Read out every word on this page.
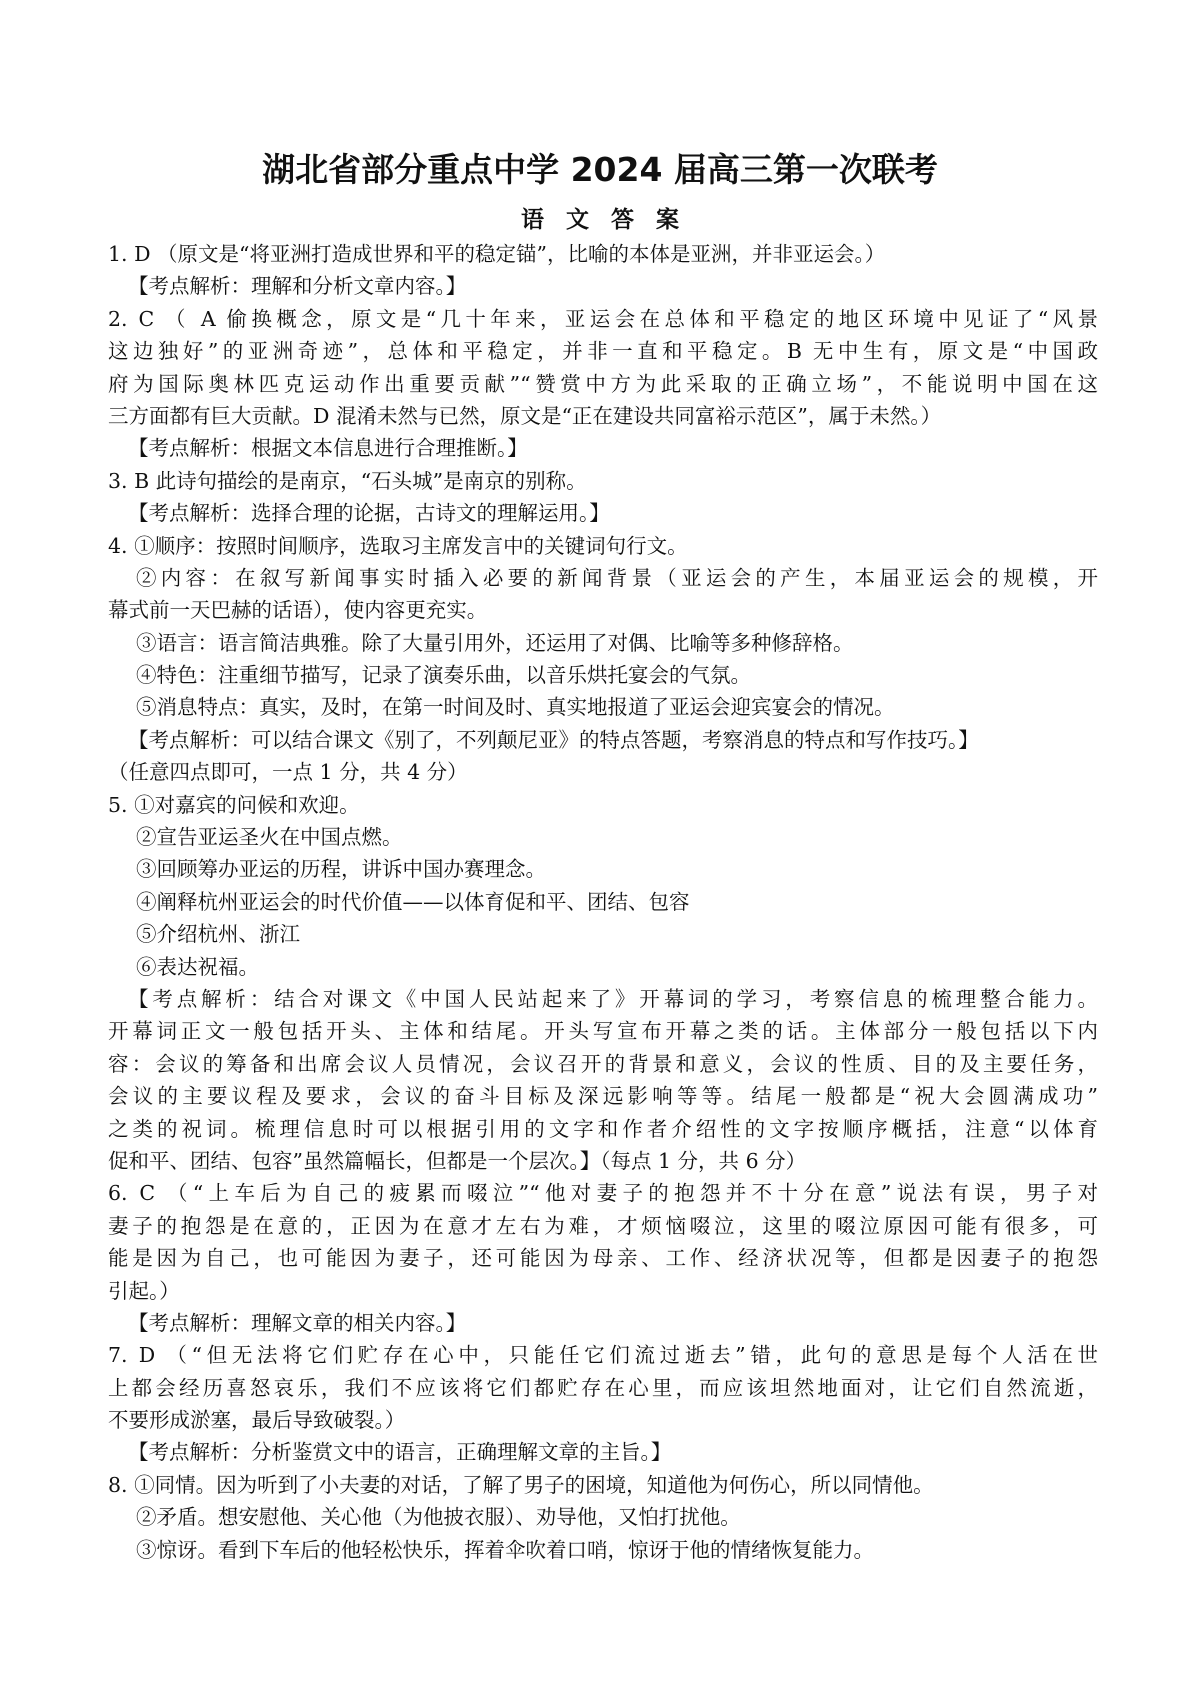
湖北省部分重点中学 2024 届高三第一次联考
语文答案
1. D （原文是“将亚洲打造成世界和平的稳定锚”，比喻的本体是亚洲，并非亚运会。）
【考点解析：理解和分析文章内容。】
2. C （ A 偷换概念，原文是“几十年来，亚运会在总体和平稳定的地区环境中见证了“风景
这边独好”的亚洲奇迹”，总体和平稳定，并非一直和平稳定。B 无中生有，原文是“中国政
府为国际奥林匹克运动作出重要贡献”“赞赏中方为此采取的正确立场”，不能说明中国在这
三方面都有巨大贡献。D 混淆未然与已然，原文是“正在建设共同富裕示范区”，属于未然。）
【考点解析：根据文本信息进行合理推断。】
3. B 此诗句描绘的是南京，“石头城”是南京的别称。
【考点解析：选择合理的论据，古诗文的理解运用。】
4. ①顺序：按照时间顺序，选取习主席发言中的关键词句行文。
②内容：在叙写新闻事实时插入必要的新闻背景（亚运会的产生，本届亚运会的规模，开
幕式前一天巴赫的话语），使内容更充实。
③语言：语言简洁典雅。除了大量引用外，还运用了对偶、比喻等多种修辞格。
④特色：注重细节描写，记录了演奏乐曲，以音乐烘托宴会的气氛。
⑤消息特点：真实，及时，在第一时间及时、真实地报道了亚运会迎宾宴会的情况。
【考点解析：可以结合课文《别了，不列颠尼亚》的特点答题，考察消息的特点和写作技巧。】
（任意四点即可，一点 1 分，共 4 分）
5. ①对嘉宾的问候和欢迎。
②宣告亚运圣火在中国点燃。
③回顾筹办亚运的历程，讲诉中国办赛理念。
④阐释杭州亚运会的时代价值——以体育促和平、团结、包容
⑤介绍杭州、浙江
⑥表达祝福。
【考点解析：结合对课文《中国人民站起来了》开幕词的学习，考察信息的梳理整合能力。
开幕词正文一般包括开头、主体和结尾。开头写宣布开幕之类的话。主体部分一般包括以下内
容：会议的筹备和出席会议人员情况，会议召开的背景和意义，会议的性质、目的及主要任务，
会议的主要议程及要求，会议的奋斗目标及深远影响等等。结尾一般都是“祝大会圆满成功”
之类的祝词。梳理信息时可以根据引用的文字和作者介绍性的文字按顺序概括，注意“以体育
促和平、团结、包容”虽然篇幅长，但都是一个层次。】（每点 1 分，共 6 分）
6. C （“上车后为自己的疲累而啜泣”“他对妻子的抱怨并不十分在意”说法有误，男子对
妻子的抱怨是在意的，正因为在意才左右为难，才烦恼啜泣，这里的啜泣原因可能有很多，可
能是因为自己，也可能因为妻子，还可能因为母亲、工作、经济状况等，但都是因妻子的抱怨
引起。）
【考点解析：理解文章的相关内容。】
7. D （“但无法将它们贮存在心中，只能任它们流过逝去”错，此句的意思是每个人活在世
上都会经历喜怒哀乐，我们不应该将它们都贮存在心里，而应该坦然地面对，让它们自然流逝，
不要形成淤塞，最后导致破裂。）
【考点解析：分析鉴赏文中的语言，正确理解文章的主旨。】
8. ①同情。因为听到了小夫妻的对话，了解了男子的困境，知道他为何伤心，所以同情他。
②矛盾。想安慰他、关心他（为他披衣服）、劝导他，又怕打扰他。
③惊讶。看到下车后的他轻松快乐，挥着伞吹着口哨，惊讶于他的情绪恢复能力。
